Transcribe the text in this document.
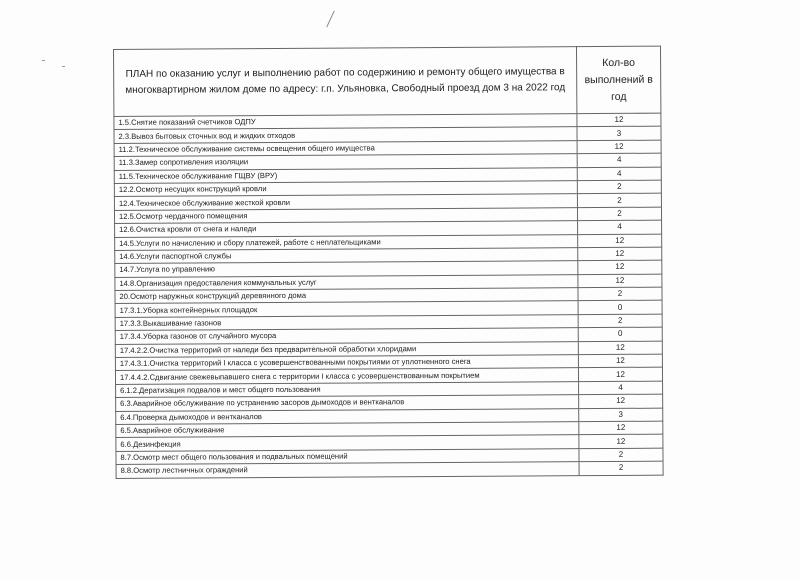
ПЛАН по оказанию услуг и выполнению работ по содержинию и ремонту общего имущества в многоквартирном жилом доме по адресу: г.п. Ульяновка, Свободный проезд дом 3 на 2022 год	Кол-во выполнений в год
1.5.Снятие показаний счетчиков ОДПУ	12
2.3.Вывоз бытовых сточных вод и жидких отходов	3
11.2.Техническое обслуживание системы освещения общего имущества	12
11.3.Замер сопротивления изоляции	4
11.5.Техническое обслуживание ГЩВУ (ВРУ)	4
12.2.Осмотр несущих конструкций кровли	2
12.4.Техническое обслуживание жесткой кровли	2
12.5.Осмотр чердачного помещения	2
12.6.Очистка кровли от снега и наледи	4
14.5.Услуги по начислению и сбору платежей, работе с неплательщиками	12
14.6.Услуги паспортной службы	12
14.7.Услуга по управлению	12
14.8.Организация предоставления коммунальных услуг	12
20.Осмотр наружных конструкций деревянного дома	2
17.3.1.Уборка контейнерных площадок	0
17.3.3.Выкашивание газонов	2
17.3.4.Уборка газонов от случайного мусора	0
17.4.2.2.Очистка территорий от наледи без предварительной обработки хлоридами	12
17.4.3.1.Очистка территорий I класса с усовершенствованными покрытиями от уплотненного снега	12
17.4.4.2.Сдвигание свежевыпавшего снега с территории I класса с усовершенствованным покрытием	12
6.1.2.Дератизация подвалов и мест общего пользования	4
6.3.Аварийное обслуживание по устранению засоров дымоходов и вентканалов	12
6.4.Проверка дымоходов и вентканалов	3
6.5.Аварийное обслуживание	12
6.6.Дезинфекция	12
8.7.Осмотр мест общего пользования и подвальных помещений	2
8.8.Осмотр лестничных ограждений	2
